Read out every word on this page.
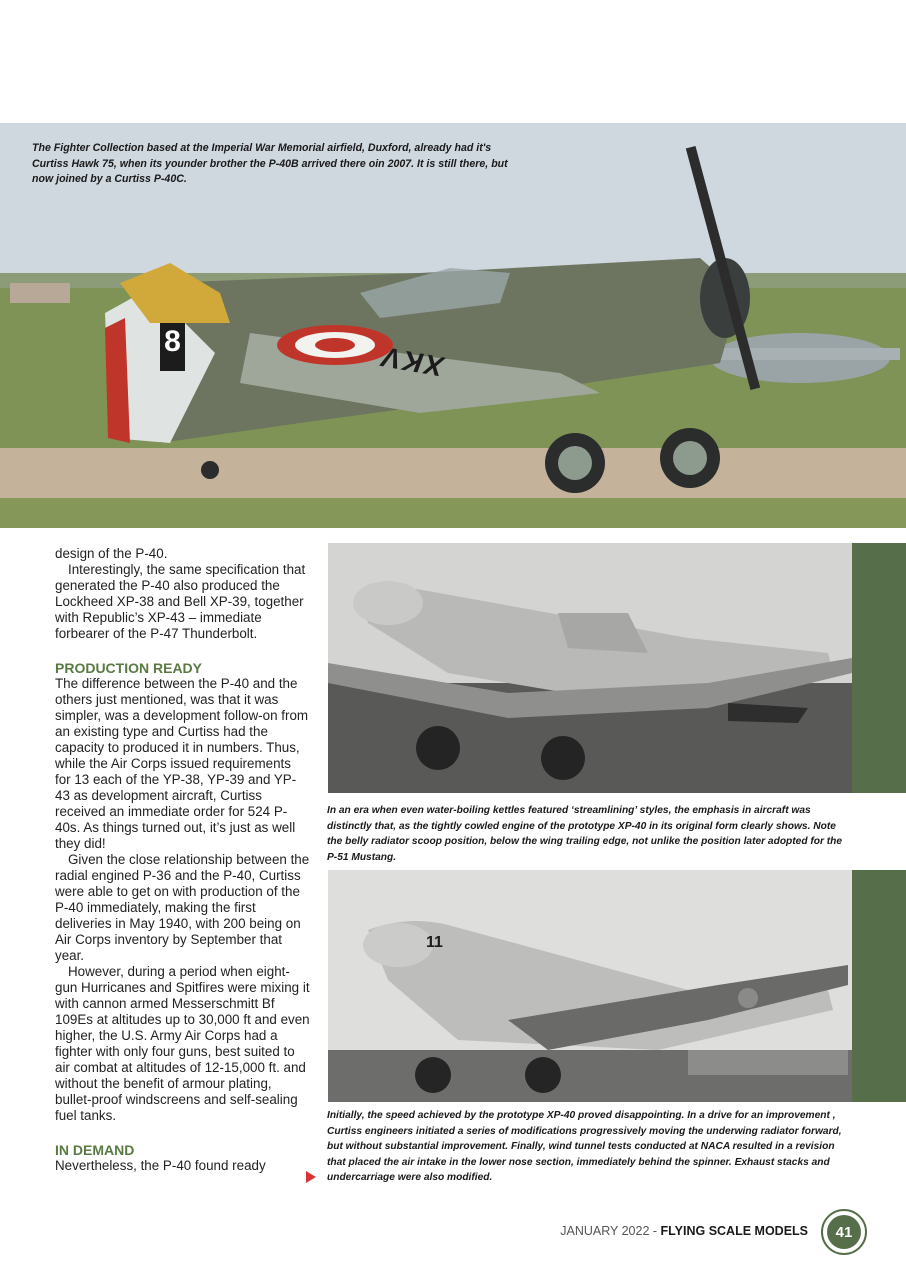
XKV
8
The Fighter Collection based at the Imperial War Memorial airfield, Duxford, already had it's Curtiss Hawk 75, when its younder brother the P-40B arrived there oin 2007. It is still there, but now joined by a Curtiss P-40C.

design of the P-40.

Interestingly, the same specification that generated the P-40 also produced the Lockheed XP-38 and Bell XP-39, together with Republic’s XP-43 – immediate forbearer of the P-47 Thunderbolt.

PRODUCTION READY

The difference between the P-40 and the others just mentioned, was that it was simpler, was a development follow-on from an existing type and Curtiss had the capacity to produced it in numbers. Thus, while the Air Corps issued requirements for 13 each of the YP-38, YP-39 and YP-43 as development aircraft, Curtiss received an immediate order for 524 P-40s. As things turned out, it’s just as well they did!

Given the close relationship between the radial engined P-36 and the P-40, Curtiss were able to get on with production of the P-40 immediately, making the first deliveries in May 1940, with 200 being on Air Corps inventory by September that year.

However, during a period when eight-gun Hurricanes and Spitfires were mixing it with cannon armed Messerschmitt Bf 109Es at altitudes up to 30,000 ft and even higher, the U.S. Army Air Corps had a fighter with only four guns, best suited to air combat at altitudes of 12-15,000 ft. and without the benefit of armour plating, bullet-proof windscreens and self-sealing fuel tanks.

IN DEMAND

Nevertheless, the P-40 found ready

In an era when even water-boiling kettles featured ‘streamlining’ styles, the emphasis in aircraft was distinctly that, as the tightly cowled engine of the prototype XP-40 in its original form clearly shows. Note the belly radiator scoop position, below the wing trailing edge, not unlike the position later adopted for the P-51 Mustang.
11
Initially, the speed achieved by the prototype XP-40 proved disappointing. In a drive for an improvement , Curtiss engineers initiated a series of modifications progressively moving the underwing radiator forward, but without substantial improvement. Finally, wind tunnel tests conducted at NACA resulted in a revision that placed the air intake in the lower nose section, immediately behind the spinner. Exhaust stacks and undercarriage were also modified.
JANUARY 2022 - FLYING SCALE MODELS	41
